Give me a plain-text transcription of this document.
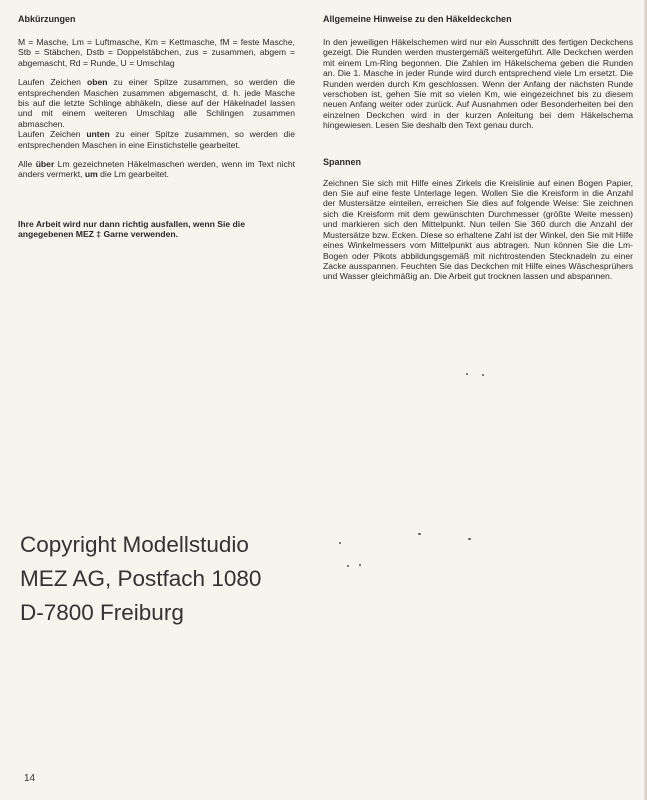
Abkürzungen

M = Masche, Lm = Luftmasche, Km = Kettmasche, fM = feste Masche, Stb = Stäbchen, Dstb = Doppelstäbchen, zus = zusammen, abgem = abgemascht, Rd = Runde, U = Umschlag

Laufen Zeichen oben zu einer Spitze zusammen, so werden die entsprechenden Maschen zusammen abgemascht, d. h. jede Masche bis auf die letzte Schlinge abhäkeln, diese auf der Häkelnadel lassen und mit einem weiteren Umschlag alle Schlingen zusammen abmaschen.

Laufen Zeichen unten zu einer Spitze zusammen, so werden die entsprechenden Maschen in eine Einstichstelle gearbeitet.

Alle über Lm gezeichneten Häkelmaschen werden, wenn im Text nicht anders vermerkt, um die Lm gearbeitet.

Ihre Arbeit wird nur dann richtig ausfallen, wenn Sie die angegebenen MEZ ‡ Garne verwenden.

Allgemeine Hinweise zu den Häkeldeckchen

In den jeweiligen Häkelschemen wird nur ein Ausschnitt des fertigen Deckchens gezeigt. Die Runden werden mustergemäß weitergeführt. Alle Deckchen werden mit einem Lm-Ring begonnen. Die Zahlen im Häkelschema geben die Runden an. Die 1. Masche in jeder Runde wird durch entsprechend viele Lm ersetzt. Die Runden werden durch Km geschlossen. Wenn der Anfang der nächsten Runde verschoben ist, gehen Sie mit so vielen Km, wie eingezeichnet bis zu diesem neuen Anfang weiter oder zurück. Auf Ausnahmen oder Besonderheiten bei den einzelnen Deckchen wird in der kurzen Anleitung bei dem Häkelschema hingewiesen. Lesen Sie deshalb den Text genau durch.

Spannen

Zeichnen Sie sich mit Hilfe eines Zirkels die Kreislinie auf einen Bogen Papier, den Sie auf eine feste Unterlage legen. Wollen Sie die Kreisform in die Anzahl der Mustersätze einteilen, erreichen Sie dies auf folgende Weise: Sie zeichnen sich die Kreisform mit dem gewünschten Durchmesser (größte Weite messen) und markieren sich den Mittelpunkt. Nun teilen Sie 360 durch die Anzahl der Mustersätze bzw. Ecken. Diese so erhaltene Zahl ist der Winkel, den Sie mit Hilfe eines Winkelmessers vom Mittelpunkt aus abtragen. Nun können Sie die Lm-Bogen oder Pikots abbildungsgemäß mit nichtrostenden Stecknadeln zu einer Zacke ausspannen. Feuchten Sie das Deckchen mit Hilfe eines Wäschesprühers und Wasser gleichmäßig an. Die Arbeit gut trocknen lassen und abspannen.

Copyright Modellstudio
MEZ AG, Postfach 1080
D-7800 Freiburg
14
